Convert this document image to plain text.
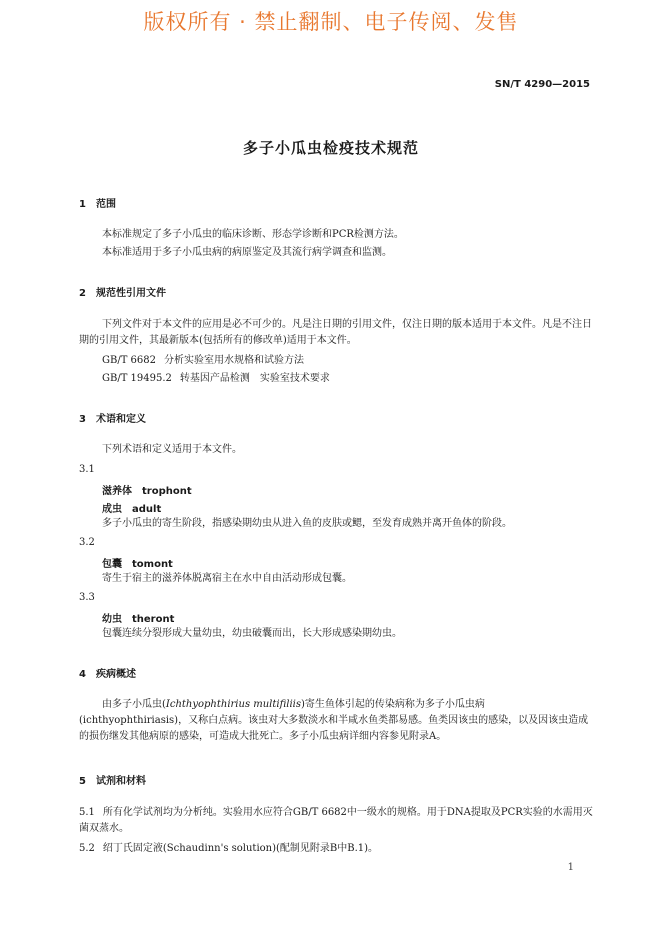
版权所有 · 禁止翻制、电子传阅、发售
SN/T 4290—2015
多子小瓜虫检疫技术规范
1 范围
本标准规定了多子小瓜虫的临床诊断、形态学诊断和PCR检测方法。
本标准适用于多子小瓜虫病的病原鉴定及其流行病学调查和监测。
2 规范性引用文件
下列文件对于本文件的应用是必不可少的。凡是注日期的引用文件，仅注日期的版本适用于本文件。凡是不注日期的引用文件，其最新版本(包括所有的修改单)适用于本文件。
GB/T 6682 分析实验室用水规格和试验方法
GB/T 19495.2 转基因产品检测　实验室技术要求
3 术语和定义
下列术语和定义适用于本文件。
3.1
滋养体 trophont
成虫 adult
多子小瓜虫的寄生阶段，指感染期幼虫从进入鱼的皮肤或鳃，至发育成熟并离开鱼体的阶段。
3.2
包囊 tomont
寄生于宿主的滋养体脱离宿主在水中自由活动形成包囊。
3.3
幼虫 theront
包囊连续分裂形成大量幼虫，幼虫破囊而出，长大形成感染期幼虫。
4 疾病概述
由多子小瓜虫(Ichthyophthirius multifiliis)寄生鱼体引起的传染病称为多子小瓜虫病(ichthyophthiriasis)，又称白点病。该虫对大多数淡水和半咸水鱼类都易感。鱼类因该虫的感染，以及因该虫造成的损伤继发其他病原的感染，可造成大批死亡。多子小瓜虫病详细内容参见附录A。
5 试剂和材料
5.1 所有化学试剂均为分析纯。实验用水应符合GB/T 6682中一级水的规格。用于DNA提取及PCR实验的水需用灭菌双蒸水。
5.2 绍丁氏固定液(Schaudinn's solution)(配制见附录B中B.1)。
1
